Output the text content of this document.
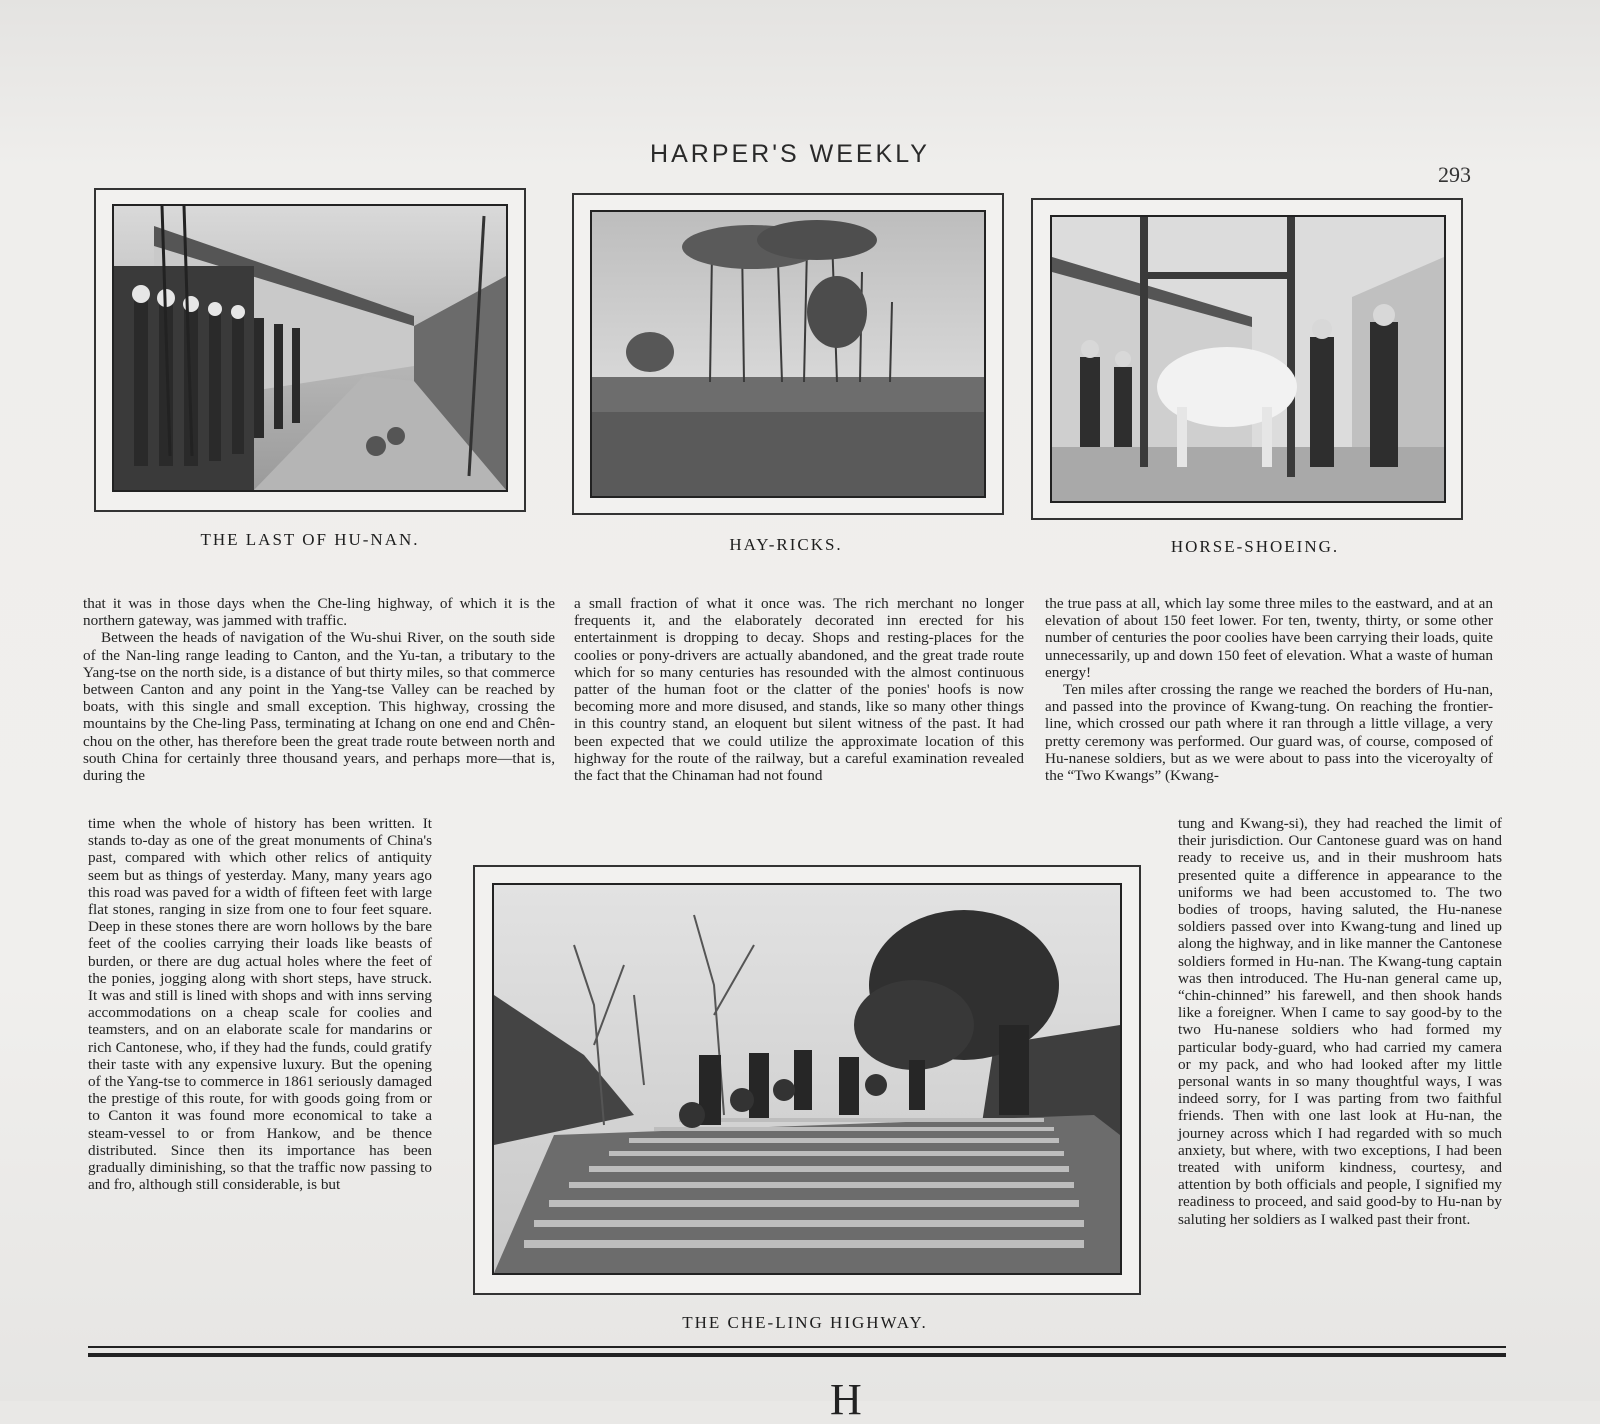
HARPER'S WEEKLY
293
THE LAST OF HU-NAN.	HAY-RICKS.	HORSE-SHOEING.

that it was in those days when the Che-ling highway, of which it is the northern gateway, was jammed with traffic.

Between the heads of navigation of the Wu-shui River, on the south side of the Nan-ling range leading to Canton, and the Yu-tan, a tributary to the Yang-tse on the north side, is a distance of but thirty miles, so that commerce between Canton and any point in the Yang-tse Valley can be reached by boats, with this single and small exception. This highway, crossing the mountains by the Che-ling Pass, terminating at Ichang on one end and Chên-chou on the other, has therefore been the great trade route between north and south China for certainly three thousand years, and perhaps more—that is, during the

time when the whole of history has been written. It stands to-day as one of the great monuments of China's past, compared with which other relics of antiquity seem but as things of yesterday. Many, many years ago this road was paved for a width of fifteen feet with large flat stones, ranging in size from one to four feet square. Deep in these stones there are worn hollows by the bare feet of the coolies carrying their loads like beasts of burden, or there are dug actual holes where the feet of the ponies, jogging along with short steps, have struck. It was and still is lined with shops and with inns serving accommodations on a cheap scale for coolies and teamsters, and on an elaborate scale for mandarins or rich Cantonese, who, if they had the funds, could gratify their taste with any expensive luxury. But the opening of the Yang-tse to commerce in 1861 seriously damaged the prestige of this route, for with goods going from or to Canton it was found more economical to take a steam-vessel to or from Hankow, and be thence distributed. Since then its importance has been gradually diminishing, so that the traffic now passing to and fro, although still considerable, is but

a small fraction of what it once was. The rich merchant no longer frequents it, and the elaborately decorated inn erected for his entertainment is dropping to decay. Shops and resting-places for the coolies or pony-drivers are actually abandoned, and the great trade route which for so many centuries has resounded with the almost continuous patter of the human foot or the clatter of the ponies' hoofs is now becoming more and more disused, and stands, like so many other things in this country stand, an eloquent but silent witness of the past. It had been expected that we could utilize the approximate location of this highway for the route of the railway, but a careful examination revealed the fact that the Chinaman had not found

the true pass at all, which lay some three miles to the eastward, and at an elevation of about 150 feet lower. For ten, twenty, thirty, or some other number of centuries the poor coolies have been carrying their loads, quite unnecessarily, up and down 150 feet of elevation. What a waste of human energy!

Ten miles after crossing the range we reached the borders of Hu-nan, and passed into the province of Kwang-tung. On reaching the frontier-line, which crossed our path where it ran through a little village, a very pretty ceremony was performed. Our guard was, of course, composed of Hu-nanese soldiers, but as we were about to pass into the viceroyalty of the “Two Kwangs” (Kwang-

tung and Kwang-si), they had reached the limit of their jurisdiction. Our Cantonese guard was on hand ready to receive us, and in their mushroom hats presented quite a difference in appearance to the uniforms we had been accustomed to. The two bodies of troops, having saluted, the Hu-nanese soldiers passed over into Kwang-tung and lined up along the highway, and in like manner the Cantonese soldiers formed in Hu-nan. The Kwang-tung captain was then introduced. The Hu-nan general came up, “chin-chinned” his farewell, and then shook hands like a foreigner. When I came to say good-by to the two Hu-nanese soldiers who had formed my particular body-guard, who had carried my camera or my pack, and who had looked after my little personal wants in so many thoughtful ways, I was indeed sorry, for I was parting from two faithful friends. Then with one last look at Hu-nan, the journey across which I had regarded with so much anxiety, but where, with two exceptions, I had been treated with uniform kindness, courtesy, and attention by both officials and people, I signified my readiness to proceed, and said good-by to Hu-nan by saluting her soldiers as I walked past their front.

THE CHE-LING HIGHWAY.
H
